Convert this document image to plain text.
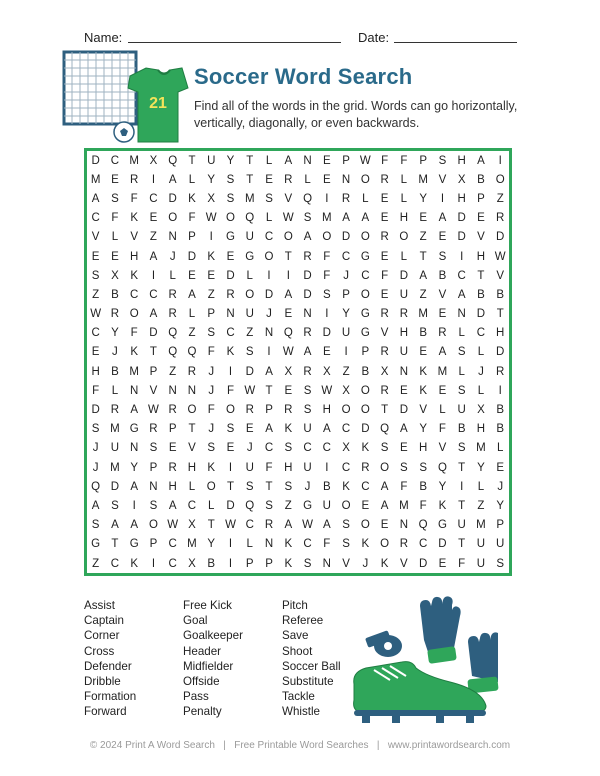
Name:	Date:
21
Soccer Word Search
Find all of the words in the grid. Words can go horizontally, vertically, diagonally, or even backwards.
D C M X Q T	U Y	T	L	A N E	P W F	F	P	S H A	I
M E R	I	A	L	Y	S	T	E R	L	E N O R	L M V	X	B O
A	S	F	C D K	X	S M S	V Q	I	R	L	E	L	Y	I	H P	Z
C	F	K	E O F W O Q	L W S M A	A	E H E	A D E R
V	L	V	Z	N P	I	G U C O A O D O R O Z	E D V D
E	E H A	J	D K	E G O T	R	F	C G E	L	T	S	I	H W
S	X	K	I	L	E	E D	L	I	I	D	F	J	C	F	D A	B C	T	V
Z	B C C R A	Z	R O D A D S	P O E U	Z	V	A	B	B
W R O A R	L	P N U	J	E N	I	Y G R R M E N D	T
C Y	F	D Q Z	S C	Z	N Q R D U G V H B R	L	C H
E	J	K	T Q Q F	K	S	I	W A	E	I	P R U E	A	S	L	D
H B M P	Z	R	J	I	D A	X R X	Z	B	X N K M L	J	R
F	L	N V N N	J	F W T	E	S W X O R E	K	E	S	L	I
D R A W R O F O R P R S H O O T	D V	L	U X	B
S M G R P	T	J	S	E	A	K U A C D Q A	Y	F	B H B
J	U N S	E	V	S	E	J	C S C C X	K	S	E H V	S M L
J	M Y	P R H K	I	U	F	H U	I	C R O S	S Q T	Y	E
Q D A N H	L	O T	S	T	S	J	B	K C A	F	B	Y	I	L	J
A	S	I	S	A C	L	D Q S	Z G U O E	A M F	K	T	Z	Y
S	A	A O W X	T W C R A W A	S O E N Q G U M P
G T G P C M Y	I	L	N K C	F	S	K O R C D	T	U U
Z	C K	I	C X	B	I	P	P	K	S N V	J	K	V D E	F	U S
Assist
Captain
Corner
Cross
Defender
Dribble
Formation
Forward
Free Kick
Goal
Goalkeeper
Header
Midfielder
Offside
Pass
Penalty
Pitch
Referee
Save
Shoot
Soccer Ball
Substitute
Tackle
Whistle
© 2024 Print A Word Search   |   Free Printable Word Searches   |   www.printawordsearch.com
